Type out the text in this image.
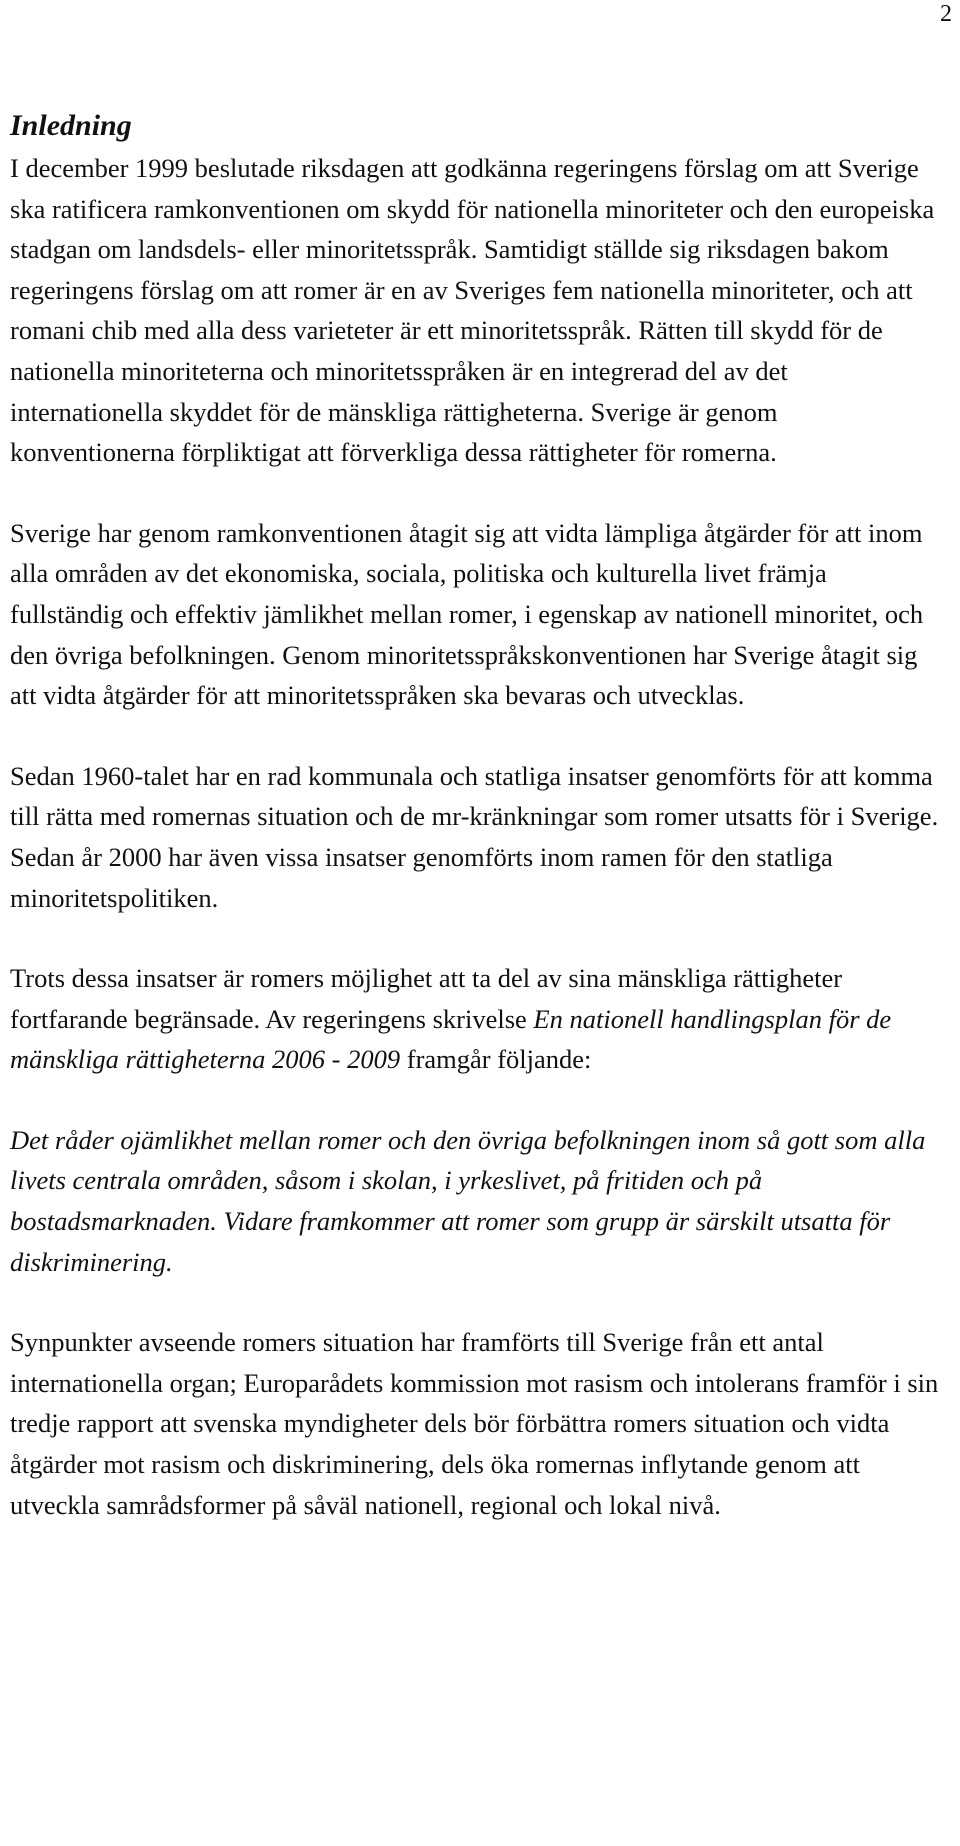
2
Inledning

I december 1999 beslutade riksdagen att godkänna regeringens förslag om att Sverige ska ratificera ramkonventionen om skydd för nationella minoriteter och den europeiska stadgan om landsdels- eller minoritetsspråk. Samtidigt ställde sig riksdagen bakom regeringens förslag om att romer är en av Sveriges fem nationella minoriteter, och att romani chib med alla dess varieteter är ett minoritetsspråk. Rätten till skydd för de nationella minoriteterna och minoritetsspråken är en integrerad del av det internationella skyddet för de mänskliga rättigheterna. Sverige är genom konventionerna förpliktigat att förverkliga dessa rättigheter för romerna.

Sverige har genom ramkonventionen åtagit sig att vidta lämpliga åtgärder för att inom alla områden av det ekonomiska, sociala, politiska och kulturella livet främja fullständig och effektiv jämlikhet mellan romer, i egenskap av nationell minoritet, och den övriga befolkningen. Genom minoritetsspråkskonventionen har Sverige åtagit sig att vidta åtgärder för att minoritetsspråken ska bevaras och utvecklas.

Sedan 1960-talet har en rad kommunala och statliga insatser genomförts för att komma till rätta med romernas situation och de mr-kränkningar som romer utsatts för i Sverige. Sedan år 2000 har även vissa insatser genomförts inom ramen för den statliga minoritetspolitiken.

Trots dessa insatser är romers möjlighet att ta del av sina mänskliga rättigheter fortfarande begränsade. Av regeringens skrivelse En nationell handlingsplan för de mänskliga rättigheterna 2006 - 2009 framgår följande:

Det råder ojämlikhet mellan romer och den övriga befolkningen inom så gott som alla livets centrala områden, såsom i skolan, i yrkeslivet, på fritiden och på bostadsmarknaden. Vidare framkommer att romer som grupp är särskilt utsatta för diskriminering.

Synpunkter avseende romers situation har framförts till Sverige från ett antal internationella organ; Europarådets kommission mot rasism och intolerans framför i sin tredje rapport att svenska myndigheter dels bör förbättra romers situation och vidta åtgärder mot rasism och diskriminering, dels öka romernas inflytande genom att utveckla samrådsformer på såväl nationell, regional och lokal nivå.
